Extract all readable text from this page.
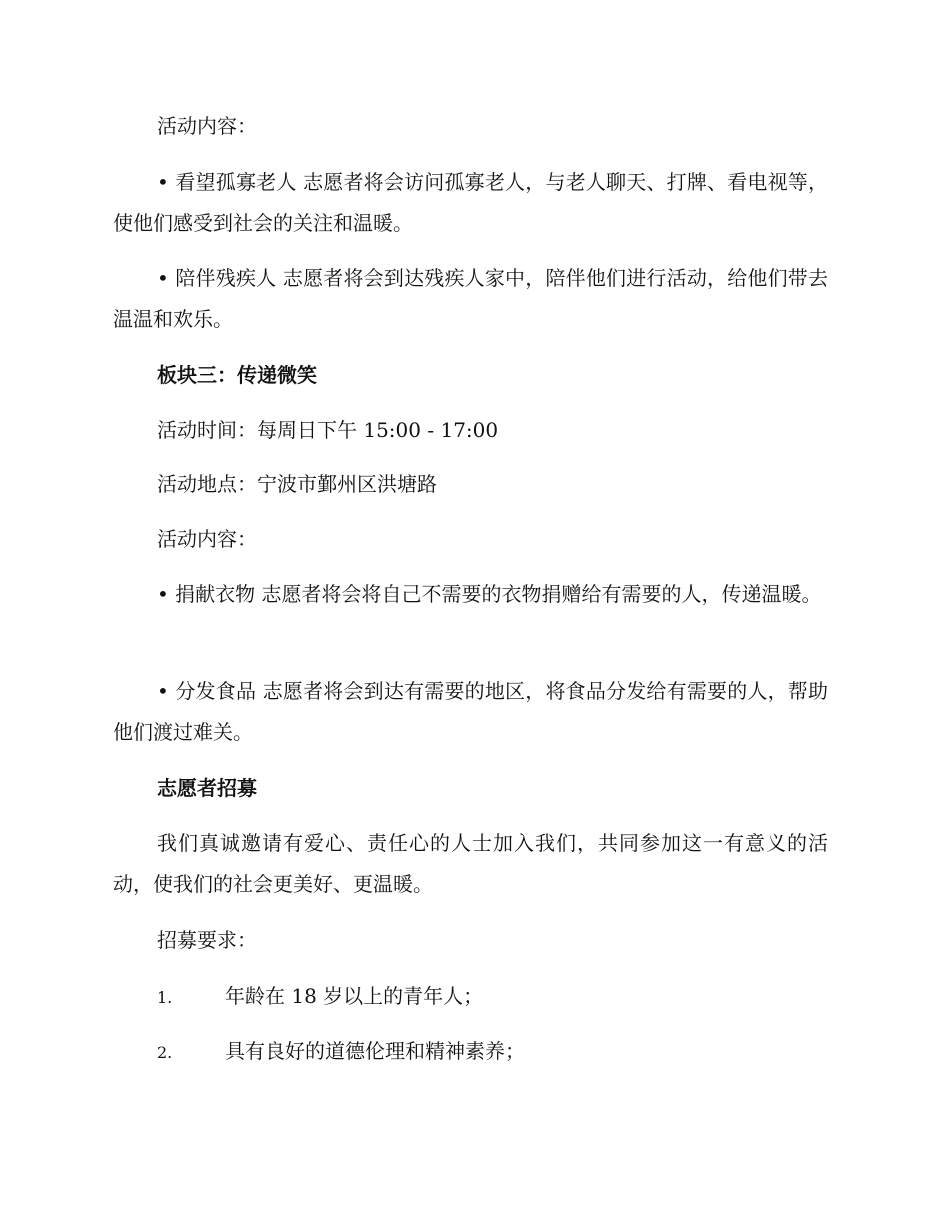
活动内容：

• 看望孤寡老人 志愿者将会访问孤寡老人，与老人聊天、打牌、看电视等，使他们感受到社会的关注和温暖。

• 陪伴残疾人 志愿者将会到达残疾人家中，陪伴他们进行活动，给他们带去温温和欢乐。

板块三：传递微笑

活动时间：每周日下午 15:00 - 17:00

活动地点：宁波市鄞州区洪塘路

活动内容：

• 捐献衣物 志愿者将会将自己不需要的衣物捐赠给有需要的人，传递温暖。

• 分发食品 志愿者将会到达有需要的地区，将食品分发给有需要的人，帮助他们渡过难关。

志愿者招募

我们真诚邀请有爱心、责任心的人士加入我们，共同参加这一有意义的活动，使我们的社会更美好、更温暖。

招募要求：

1.	年龄在 18 岁以上的青年人；

2.	具有良好的道德伦理和精神素养；
